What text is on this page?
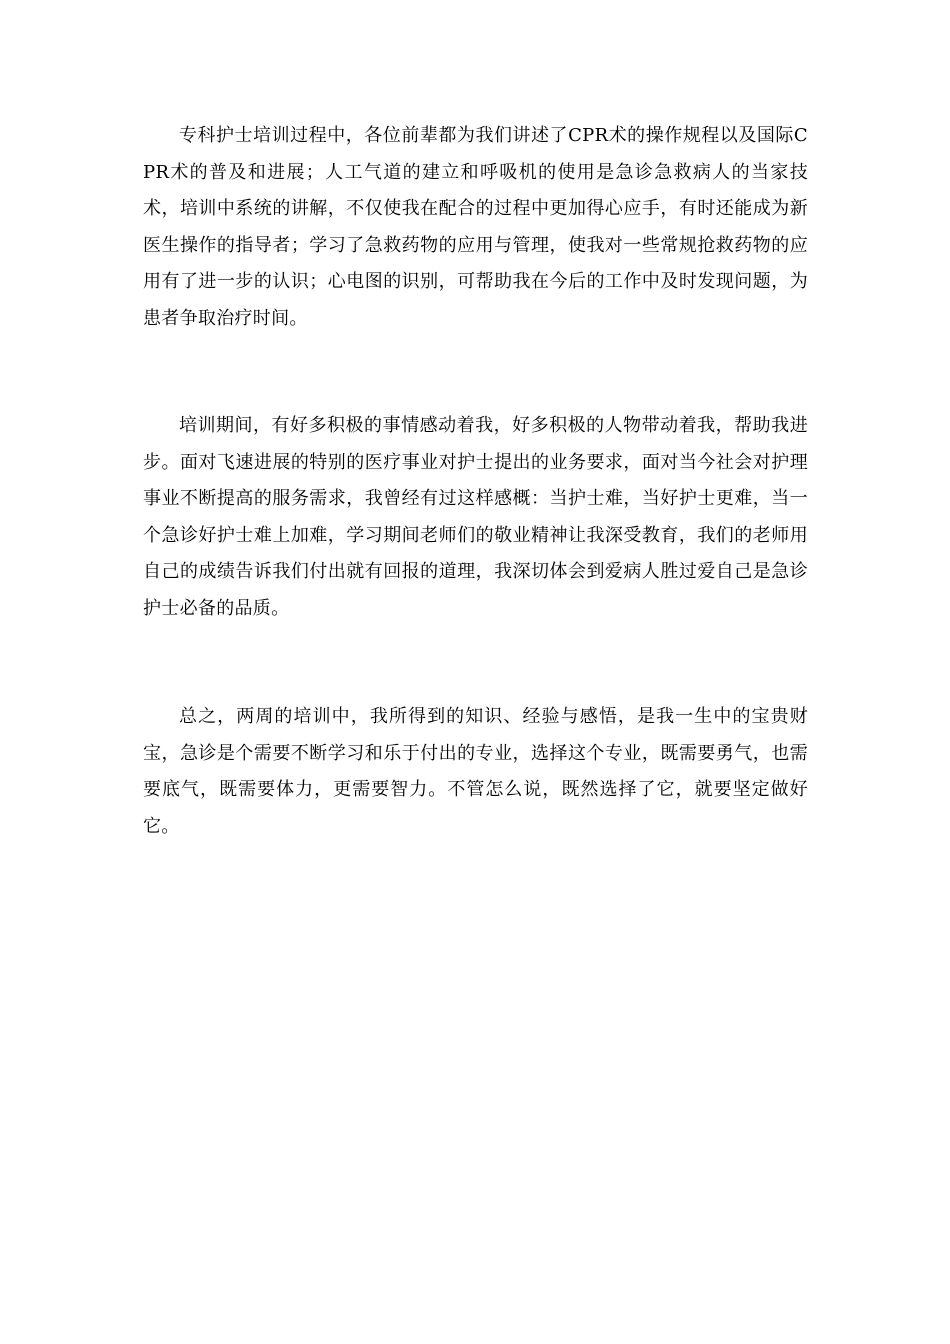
专科护士培训过程中，各位前辈都为我们讲述了CPR术的操作规程以及国际CPR术的普及和进展；人工气道的建立和呼吸机的使用是急诊急救病人的当家技术，培训中系统的讲解，不仅使我在配合的过程中更加得心应手，有时还能成为新医生操作的指导者；学习了急救药物的应用与管理，使我对一些常规抢救药物的应用有了进一步的认识；心电图的识别，可帮助我在今后的工作中及时发现问题，为患者争取治疗时间。

培训期间，有好多积极的事情感动着我，好多积极的人物带动着我，帮助我进步。面对飞速进展的特别的医疗事业对护士提出的业务要求，面对当今社会对护理事业不断提高的服务需求，我曾经有过这样感概：当护士难，当好护士更难，当一个急诊好护士难上加难，学习期间老师们的敬业精神让我深受教育，我们的老师用自己的成绩告诉我们付出就有回报的道理，我深切体会到爱病人胜过爱自己是急诊护士必备的品质。

总之，两周的培训中，我所得到的知识、经验与感悟，是我一生中的宝贵财宝，急诊是个需要不断学习和乐于付出的专业，选择这个专业，既需要勇气，也需要底气，既需要体力，更需要智力。不管怎么说，既然选择了它，就要坚定做好它。
